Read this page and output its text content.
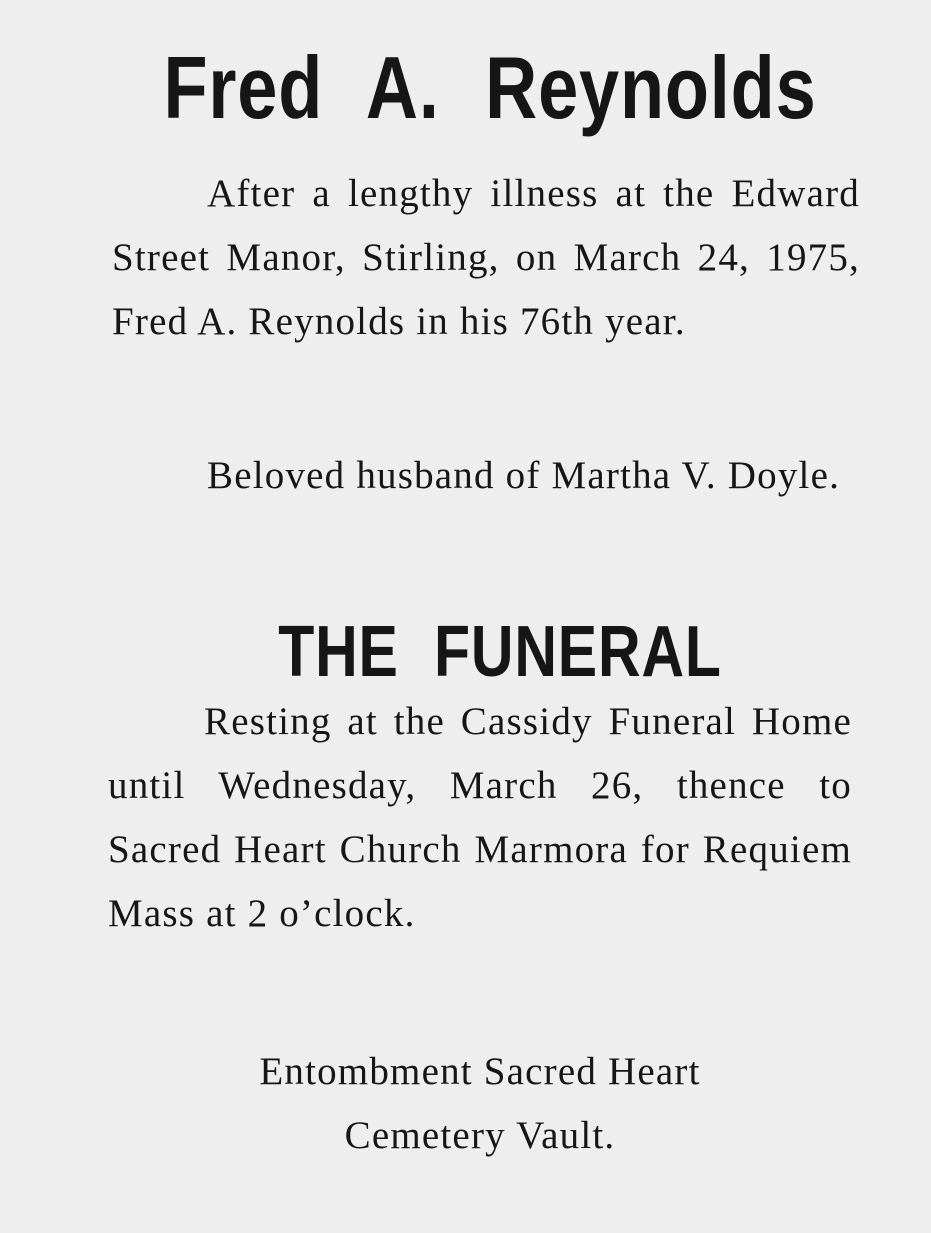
Fred A. Reynolds

After a lengthy illness at the Edward Street Manor, Stirling, on March 24, 1975, Fred A. Reynolds in his 76th year.

Beloved husband of Martha V. Doyle.

THE FUNERAL

Resting at the Cassidy Funeral Home until Wednesday, March 26, thence to Sacred Heart Church Marmora for Requiem Mass at 2 o’clock.

Entombment Sacred Heart
Cemetery Vault.
